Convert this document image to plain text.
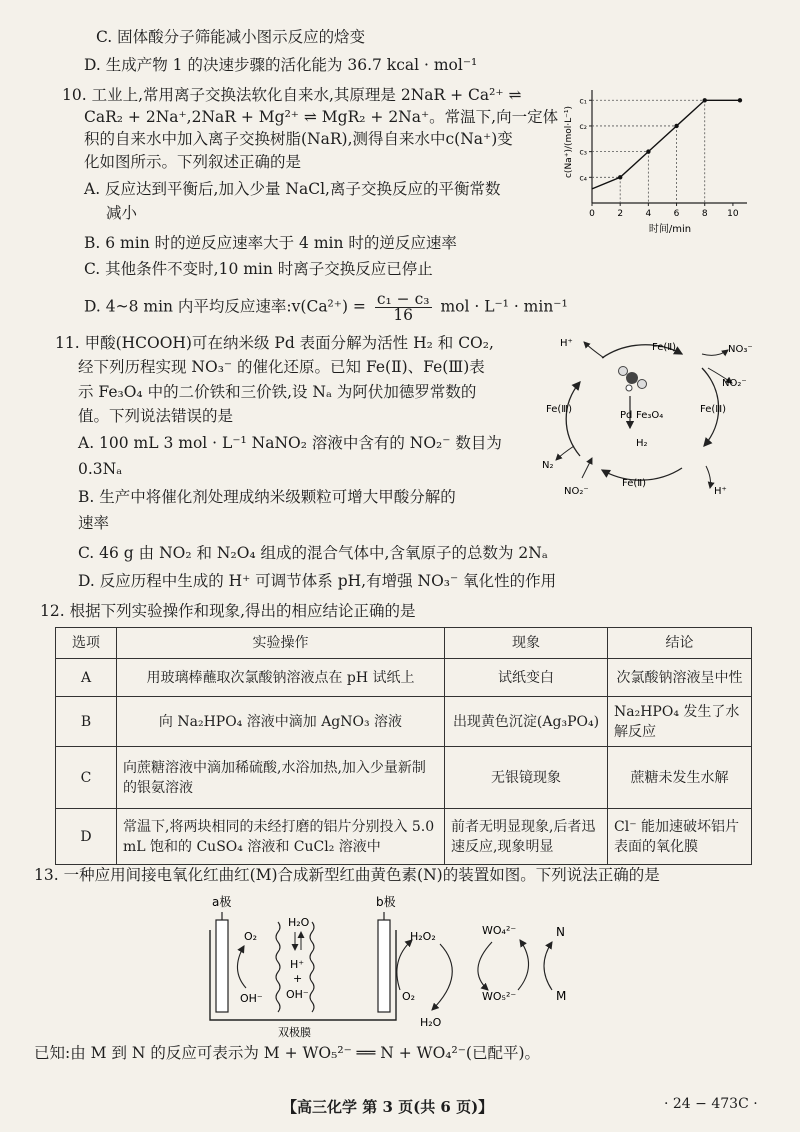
C. 固体酸分子筛能减小图示反应的焓变
D. 生成产物 1 的决速步骤的活化能为 36.7 kcal · mol⁻¹
10. 工业上,常用离子交换法软化自来水,其原理是 2NaR + Ca²⁺ ⇌
CaR₂ + 2Na⁺,2NaR + Mg²⁺ ⇌ MgR₂ + 2Na⁺。常温下,向一定体
积的自来水中加入离子交换树脂(NaR),测得自来水中c(Na⁺)变
化如图所示。下列叙述正确的是
A. 反应达到平衡后,加入少量 NaCl,离子交换反应的平衡常数
减小
B. 6 min 时的逆反应速率大于 4 min 时的逆反应速率
C. 其他条件不变时,10 min 时离子交换反应已停止
D. 4~8 min 内平均反应速率:v(Ca²⁺) = $\frac{\text{c₁ − c₃}}{16}$ mol · L⁻¹ · min⁻¹
c(Na⁺)/(mol·L⁻¹)
时间/min
0 2 4 6 8 10
c₁
c₂
c₃
c₄
11. 甲酸(HCOOH)可在纳米级 Pd 表面分解为活性 H₂ 和 CO₂,
经下列历程实现 NO₃⁻ 的催化还原。已知 Fe(Ⅱ)、Fe(Ⅲ)表
示 Fe₃O₄ 中的二价铁和三价铁,设 Nₐ 为阿伏加德罗常数的
值。下列说法错误的是
A. 100 mL 3 mol · L⁻¹ NaNO₂ 溶液中含有的 NO₂⁻ 数目为
0.3Nₐ
B. 生产中将催化剂处理成纳米级颗粒可增大甲酸分解的
速率
C. 46 g 由 NO₂ 和 N₂O₄ 组成的混合气体中,含氧原子的总数为 2Nₐ
D. 反应历程中生成的 H⁺ 可调节体系 pH,有增强 NO₃⁻ 氧化性的作用
H⁺	Fe(Ⅱ)	NO₃⁻
NO₂⁻
Fe(Ⅲ)	Fe(Ⅲ)
Pd Fe₃O₄
H₂
N₂
NO₂⁻
Fe(Ⅱ)
H⁺
12. 根据下列实验操作和现象,得出的相应结论正确的是
选项	实验操作	现象	结论
A	用玻璃棒蘸取次氯酸钠溶液点在 pH 试纸上	试纸变白	次氯酸钠溶液呈中性
B	向 Na₂HPO₄ 溶液中滴加 AgNO₃ 溶液	出现黄色沉淀(Ag₃PO₄)	Na₂HPO₄ 发生了水解反应
C	向蔗糖溶液中滴加稀硫酸,水浴加热,加入少量新制的银氨溶液	无银镜现象	蔗糖未发生水解
D	常温下,将两块相同的未经打磨的铝片分别投入 5.0 mL 饱和的 CuSO₄ 溶液和 CuCl₂ 溶液中	前者无明显现象,后者迅速反应,现象明显	Cl⁻ 能加速破坏铝片表面的氧化膜
13. 一种应用间接电氧化红曲红(M)合成新型红曲黄色素(N)的装置如图。下列说法正确的是
a极	b极
H₂O
H⁺
+
OH⁻
O₂
OH⁻	O₂
H₂O₂
H₂O
WO₄²⁻
WO₅²⁻
N
M
双极膜
已知:由 M 到 N 的反应可表示为 M + WO₅²⁻ ══ N + WO₄²⁻(已配平)。
【高三化学 第 3 页(共 6 页)】	· 24 − 473C ·
